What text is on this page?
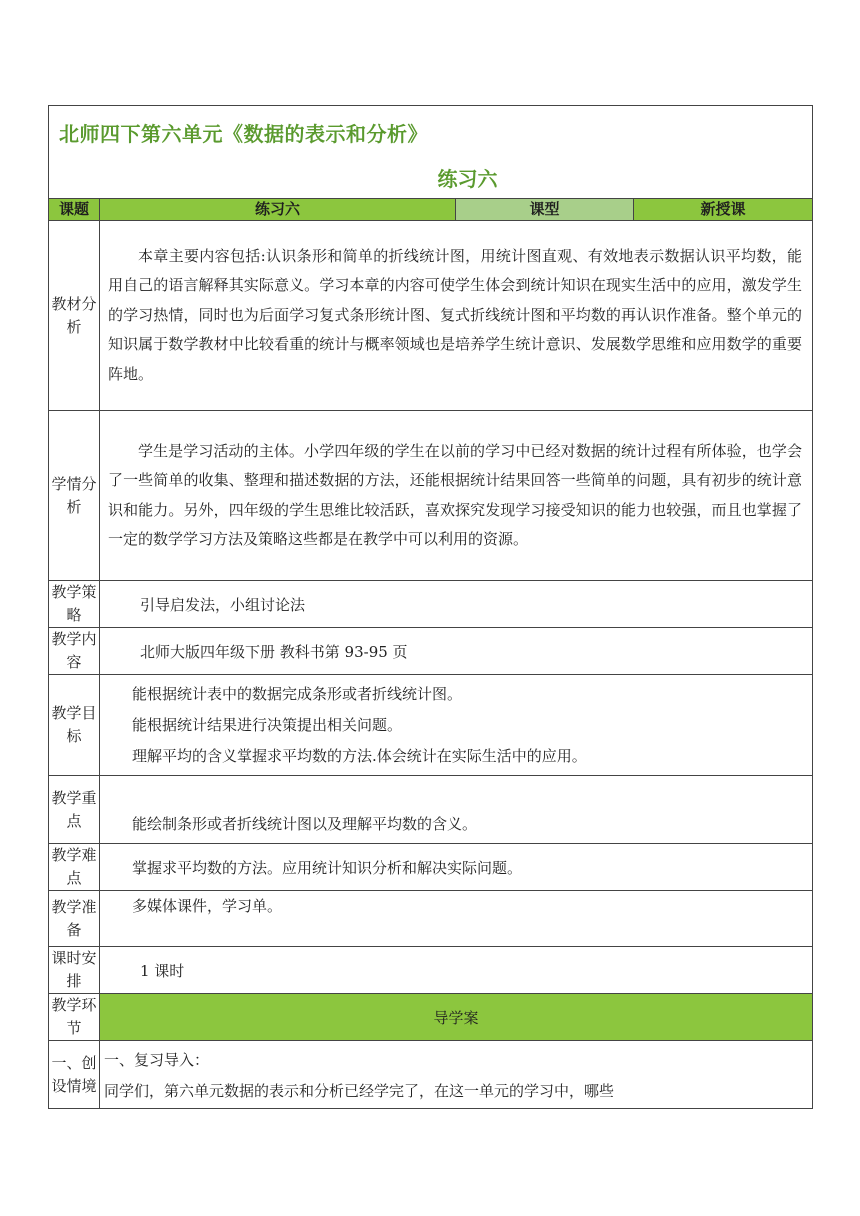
北师四下第六单元《数据的表示和分析》
练习六			

课题	练习六	课型	新授课
教材分析	本章主要内容包括:认识条形和简单的折线统计图，用统计图直观、有效地表示数据认识平均数，能用自己的语言解释其实际意义。学习本章的内容可使学生体会到统计知识在现实生活中的应用，激发学生的学习热情，同时也为后面学习复式条形统计图、复式折线统计图和平均数的再认识作准备。整个单元的知识属于数学教材中比较看重的统计与概率领域也是培养学生统计意识、发展数学思维和应用数学的重要阵地。		

学情分析	学生是学习活动的主体。小学四年级的学生在以前的学习中已经对数据的统计过程有所体验，也学会了一些简单的收集、整理和描述数据的方法，还能根据统计结果回答一些简单的问题，具有初步的统计意识和能力。另外，四年级的学生思维比较活跃，喜欢探究发现学习接受知识的能力也较强，而且也掌握了一定的数学学习方法及策略这些都是在教学中可以利用的资源。		

教学策略	引导启发法，小组讨论法		

教学内容	北师大版四年级下册 教科书第 93-95 页		

教学目标	能根据统计表中的数据完成条形或者折线统计图。
能根据统计结果进行决策提出相关问题。
理解平均的含义掌握求平均数的方法.体会统计在实际生活中的应用。		

教学重点	能绘制条形或者折线统计图以及理解平均数的含义。		

教学难点	掌握求平均数的方法。应用统计知识分析和解决实际问题。		

教学准备	多媒体课件，学习单。		

课时安排	1 课时		

教学环节	导学案		
一、创设情境	一、复习导入：
同学们，第六单元数据的表示和分析已经学完了，在这一单元的学习中，哪些		
